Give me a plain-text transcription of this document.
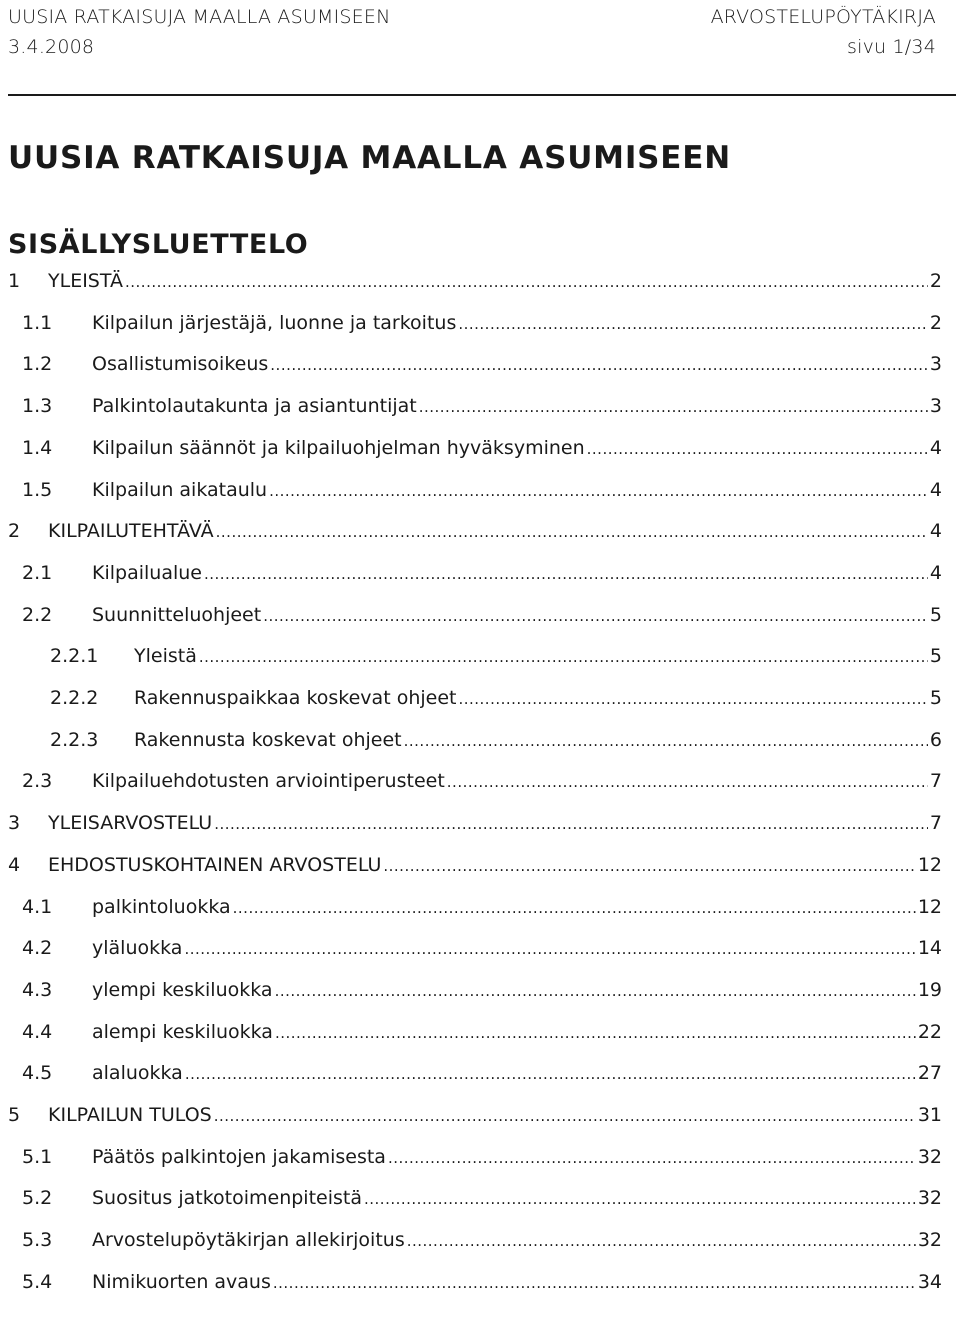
UUSIA RATKAISUJA MAALLA ASUMISEEN	ARVOSTELUPÖYTÄKIRJA
3.4.2008	sivu 1/34
UUSIA RATKAISUJA MAALLA ASUMISEEN
SISÄLLYSLUETTELO
1 YLEISTÄ .....	2
1.1 Kilpailun järjestäjä, luonne ja tarkoitus .....	2
1.2 Osallistumisoikeus .....	3
1.3 Palkintolautakunta ja asiantuntijat .....	3
1.4 Kilpailun säännöt ja kilpailuohjelman hyväksyminen .....	4
1.5 Kilpailun aikataulu .....	4
2 KILPAILUTEHTÄVÄ .....	4
2.1 Kilpailualue .....	4
2.2 Suunnitteluohjeet .....	5
2.2.1 Yleistä .....	5
2.2.2 Rakennuspaikkaa koskevat ohjeet .....	5
2.2.3 Rakennusta koskevat ohjeet .....	6
2.3 Kilpailuehdotusten arviointiperusteet .....	7
3 YLEISARVOSTELU .....	7
4 EHDOSTUSKOHTAINEN ARVOSTELU .....	12
4.1 palkintoluokka .....	12
4.2 yläluokka .....	14
4.3 ylempi keskiluokka .....	19
4.4 alempi keskiluokka .....	22
4.5 alaluokka .....	27
5 KILPAILUN TULOS .....	31
5.1 Päätös palkintojen jakamisesta .....	32
5.2 Suositus jatkotoimenpiteistä .....	32
5.3 Arvostelupöytäkirjan allekirjoitus .....	32
5.4 Nimikuorten avaus .....	34
